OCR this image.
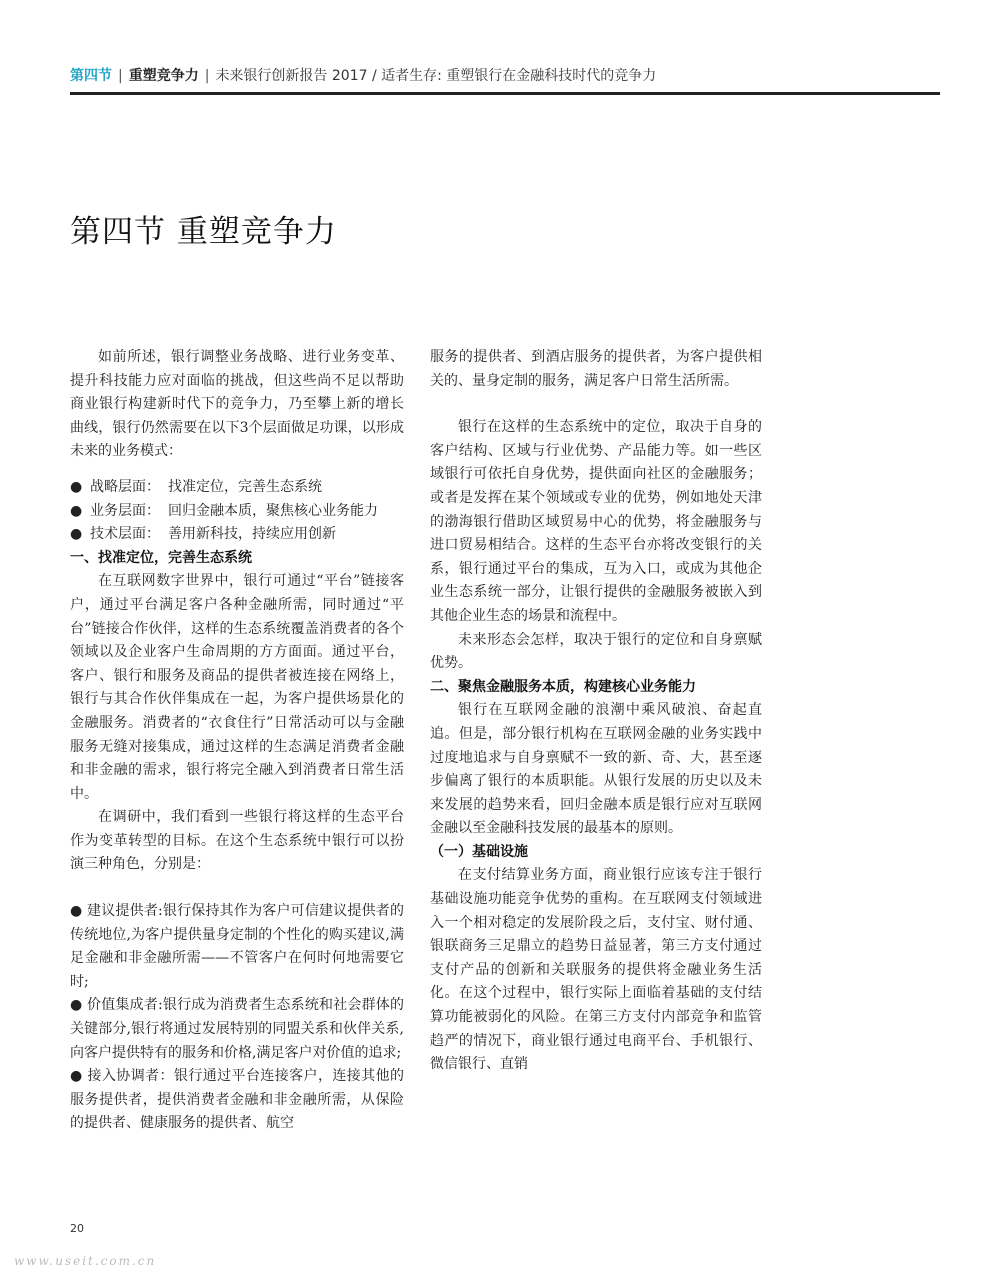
第四节 | 重塑竞争力 | 未来银行创新报告 2017 / 适者生存: 重塑银行在金融科技时代的竞争力
第四节 重塑竞争力

如前所述，银行调整业务战略、进行业务变革、提升科技能力应对面临的挑战，但这些尚不足以帮助商业银行构建新时代下的竞争力，乃至攀上新的增长曲线，银行仍然需要在以下3个层面做足功课，以形成未来的业务模式：

● 战略层面： 找准定位，完善生态系统
● 业务层面： 回归金融本质，聚焦核心业务能力
● 技术层面： 善用新科技，持续应用创新
一、找准定位，完善生态系统

在互联网数字世界中，银行可通过“平台”链接客户，通过平台满足客户各种金融所需，同时通过“平台”链接合作伙伴，这样的生态系统覆盖消费者的各个领域以及企业客户生命周期的方方面面。通过平台，客户、银行和服务及商品的提供者被连接在网络上，银行与其合作伙伴集成在一起，为客户提供场景化的金融服务。消费者的“衣食住行”日常活动可以与金融服务无缝对接集成，通过这样的生态满足消费者金融和非金融的需求，银行将完全融入到消费者日常生活中。

在调研中，我们看到一些银行将这样的生态平台作为变革转型的目标。在这个生态系统中银行可以扮演三种角色，分别是：

● 建议提供者:银行保持其作为客户可信建议提供者的传统地位,为客户提供量身定制的个性化的购买建议,满足金融和非金融所需——不管客户在何时何地需要它时;

● 价值集成者:银行成为消费者生态系统和社会群体的关键部分,银行将通过发展特别的同盟关系和伙伴关系,向客户提供特有的服务和价格,满足客户对价值的追求;

● 接入协调者：银行通过平台连接客户，连接其他的服务提供者，提供消费者金融和非金融所需，从保险的提供者、健康服务的提供者、航空

服务的提供者、到酒店服务的提供者，为客户提供相关的、量身定制的服务，满足客户日常生活所需。

银行在这样的生态系统中的定位，取决于自身的客户结构、区域与行业优势、产品能力等。如一些区域银行可依托自身优势，提供面向社区的金融服务；或者是发挥在某个领域或专业的优势，例如地处天津的渤海银行借助区域贸易中心的优势，将金融服务与进口贸易相结合。这样的生态平台亦将改变银行的关系，银行通过平台的集成，互为入口，或成为其他企业生态系统一部分，让银行提供的金融服务被嵌入到其他企业生态的场景和流程中。

未来形态会怎样，取决于银行的定位和自身禀赋优势。

二、聚焦金融服务本质，构建核心业务能力

银行在互联网金融的浪潮中乘风破浪、奋起直追。但是，部分银行机构在互联网金融的业务实践中过度地追求与自身禀赋不一致的新、奇、大，甚至逐步偏离了银行的本质职能。从银行发展的历史以及未来发展的趋势来看，回归金融本质是银行应对互联网金融以至金融科技发展的最基本的原则。

（一）基础设施

在支付结算业务方面，商业银行应该专注于银行基础设施功能竞争优势的重构。在互联网支付领域进入一个相对稳定的发展阶段之后，支付宝、财付通、银联商务三足鼎立的趋势日益显著，第三方支付通过支付产品的创新和关联服务的提供将金融业务生活化。在这个过程中，银行实际上面临着基础的支付结算功能被弱化的风险。在第三方支付内部竞争和监管趋严的情况下，商业银行通过电商平台、手机银行、微信银行、直销

20
www.useit.com.cn
